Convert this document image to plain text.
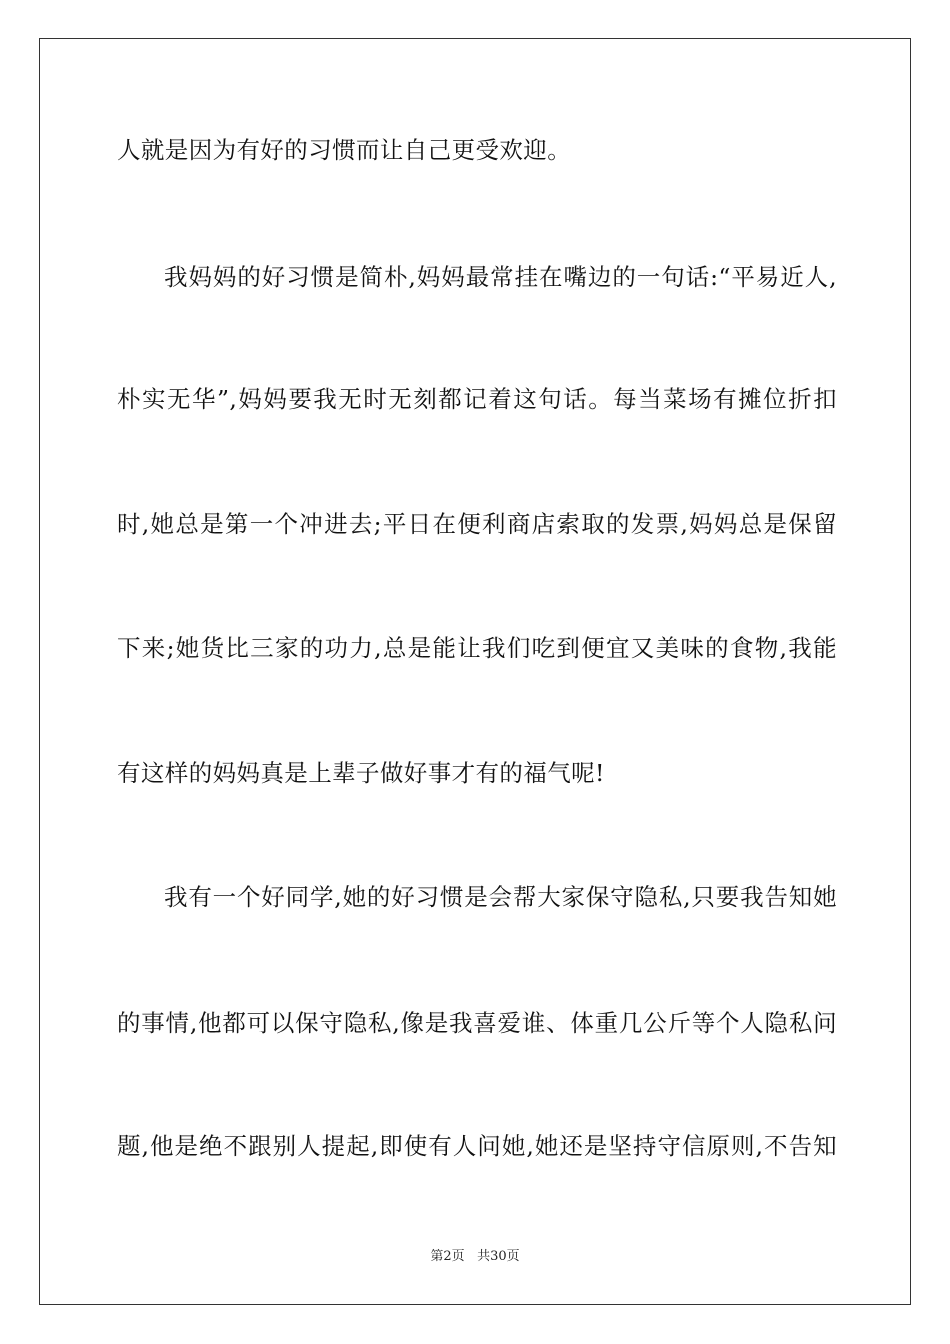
人就是因为有好的习惯而让自己更受欢迎。
我妈妈的好习惯是简朴,妈妈最常挂在嘴边的一句话:“平易近人,
朴实无华”,妈妈要我无时无刻都记着这句话。每当菜场有摊位折扣
时,她总是第一个冲进去;平日在便利商店索取的发票,妈妈总是保留
下来;她货比三家的功力,总是能让我们吃到便宜又美味的食物,我能
有这样的妈妈真是上辈子做好事才有的福气呢!
我有一个好同学,她的好习惯是会帮大家保守隐私,只要我告知她
的事情,他都可以保守隐私,像是我喜爱谁、体重几公斤等个人隐私问
题,他是绝不跟别人提起,即使有人问她,她还是坚持守信原则,不告知
第2页 共30页
